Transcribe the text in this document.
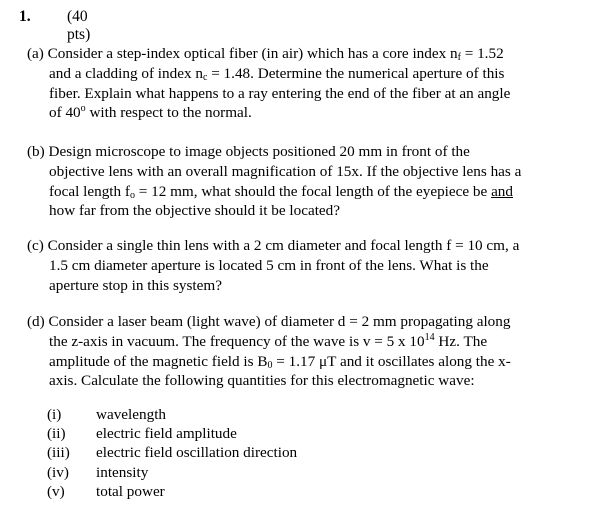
1. (40 pts)
(a) Consider a step-index optical fiber (in air) which has a core index $n_f = 1.52$
and a cladding of index $n_c = 1.48$. Determine the numerical aperture of this
fiber. Explain what happens to a ray entering the end of the fiber at an angle
of 40$^o$ with respect to the normal.
(b) Design microscope to image objects positioned 20 mm in front of the
objective lens with an overall magnification of 15x. If the objective lens has a
focal length $f_o = 12$ mm, what should the focal length of the eyepiece be and
how far from the objective should it be located?
(c) Consider a single thin lens with a 2 cm diameter and focal length f = 10 cm, a
1.5 cm diameter aperture is located 5 cm in front of the lens. What is the
aperture stop in this system?
(d) Consider a laser beam (light wave) of diameter d = 2 mm propagating along
the z-axis in vacuum. The frequency of the wave is v = 5 x $10^{14}$ Hz. The
amplitude of the magnetic field is $B_0 = 1.17$ μT and it oscillates along the x-
axis. Calculate the following quantities for this electromagnetic wave:
(i) wavelength
(ii) electric field amplitude
(iii) electric field oscillation direction
(iv) intensity
(v) total power
